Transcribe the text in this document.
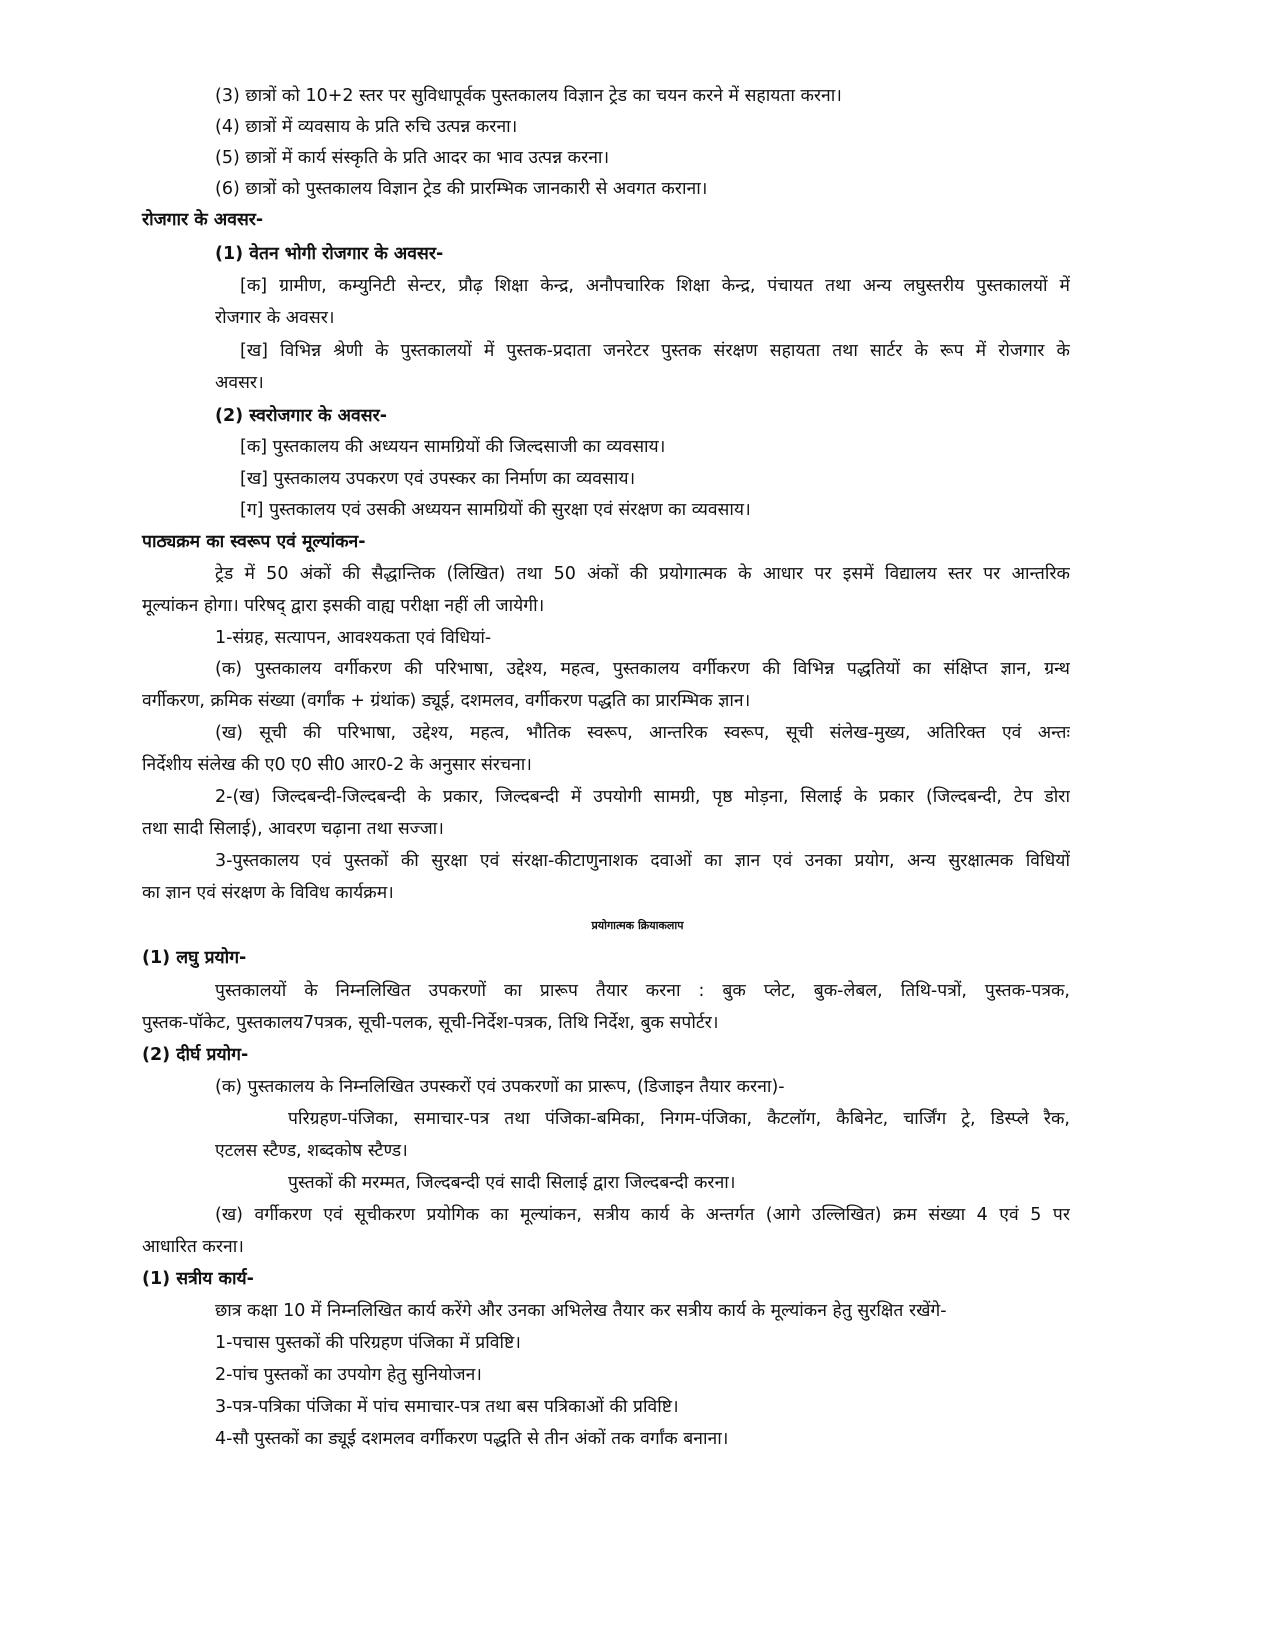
(3) छात्रों को 10+2 स्तर पर सुविधापूर्वक पुस्तकालय विज्ञान ट्रेड का चयन करने में सहायता करना।
(4) छात्रों में व्यवसाय के प्रति रुचि उत्पन्न करना।
(5) छात्रों में कार्य संस्कृति के प्रति आदर का भाव उत्पन्न करना।
(6) छात्रों को पुस्तकालय विज्ञान ट्रेड की प्रारम्भिक जानकारी से अवगत कराना।
रोजगार के अवसर-
(1) वेतन भोगी रोजगार के अवसर-
[क] ग्रामीण, कम्युनिटी सेन्टर, प्रौढ़ शिक्षा केन्द्र, अनौपचारिक शिक्षा केन्द्र, पंचायत तथा अन्य लघुस्तरीय पुस्तकालयों में
रोजगार के अवसर।
[ख] विभिन्न श्रेणी के पुस्तकालयों में पुस्तक-प्रदाता जनरेटर पुस्तक संरक्षण सहायता तथा सार्टर के रूप में रोजगार के
अवसर।
(2) स्वरोजगार के अवसर-
[क] पुस्तकालय की अध्ययन सामग्रियों की जिल्दसाजी का व्यवसाय।
[ख] पुस्तकालय उपकरण एवं उपस्कर का निर्माण का व्यवसाय।
[ग] पुस्तकालय एवं उसकी अध्ययन सामग्रियों की सुरक्षा एवं संरक्षण का व्यवसाय।
पाठ्यक्रम का स्वरूप एवं मूल्यांकन-
ट्रेड में 50 अंकों की सैद्धान्तिक (लिखित) तथा 50 अंकों की प्रयोगात्मक के आधार पर इसमें विद्यालय स्तर पर आन्तरिक
मूल्यांकन होगा। परिषद् द्वारा इसकी वाह्य परीक्षा नहीं ली जायेगी।
1-संग्रह, सत्यापन, आवश्यकता एवं विधियां-
(क) पुस्तकालय वर्गीकरण की परिभाषा, उद्देश्य, महत्व, पुस्तकालय वर्गीकरण की विभिन्न पद्धतियों का संक्षिप्त ज्ञान, ग्रन्थ
वर्गीकरण, क्रमिक संख्या (वर्गांक + ग्रंथांक) ड्यूई, दशमलव, वर्गीकरण पद्धति का प्रारम्भिक ज्ञान।
(ख) सूची की परिभाषा, उद्देश्य, महत्व, भौतिक स्वरूप, आन्तरिक स्वरूप, सूची संलेख-मुख्य, अतिरिक्त एवं अन्तः
निर्देशीय संलेख की ए0 ए0 सी0 आर0-2 के अनुसार संरचना।
2-(ख) जिल्दबन्दी-जिल्दबन्दी के प्रकार, जिल्दबन्दी में उपयोगी सामग्री, पृष्ठ मोड़ना, सिलाई के प्रकार (जिल्दबन्दी, टेप डोरा
तथा सादी सिलाई), आवरण चढ़ाना तथा सज्जा।
3-पुस्तकालय एवं पुस्तकों की सुरक्षा एवं संरक्षा-कीटाणुनाशक दवाओं का ज्ञान एवं उनका प्रयोग, अन्य सुरक्षात्मक विधियों
का ज्ञान एवं संरक्षण के विविध कार्यक्रम।
प्रयोगात्मक क्रियाकलाप
(1) लघु प्रयोग-
पुस्तकालयों के निम्नलिखित उपकरणों का प्रारूप तैयार करना : बुक प्लेट, बुक-लेबल, तिथि-पत्रों, पुस्तक-पत्रक,
पुस्तक-पॉकेट, पुस्तकालय7पत्रक, सूची-पलक, सूची-निर्देश-पत्रक, तिथि निर्देश, बुक सपोर्टर।
(2) दीर्घ प्रयोग-
(क) पुस्तकालय के निम्नलिखित उपस्करों एवं उपकरणों का प्रारूप, (डिजाइन तैयार करना)-
परिग्रहण-पंजिका, समाचार-पत्र तथा पंजिका-बमिका, निगम-पंजिका, कैटलॉग, कैबिनेट, चार्जिंग ट्रे, डिस्प्ले रैक,
एटलस स्टैण्ड, शब्दकोष स्टैण्ड।
पुस्तकों की मरम्मत, जिल्दबन्दी एवं सादी सिलाई द्वारा जिल्दबन्दी करना।
(ख) वर्गीकरण एवं सूचीकरण प्रयोगिक का मूल्यांकन, सत्रीय कार्य के अन्तर्गत (आगे उल्लिखित) क्रम संख्या 4 एवं 5 पर
आधारित करना।
(1) सत्रीय कार्य-
छात्र कक्षा 10 में निम्नलिखित कार्य करेंगे और उनका अभिलेख तैयार कर सत्रीय कार्य के मूल्यांकन हेतु सुरक्षित रखेंगे-
1-पचास पुस्तकों की परिग्रहण पंजिका में प्रविष्टि।
2-पांच पुस्तकों का उपयोग हेतु सुनियोजन।
3-पत्र-पत्रिका पंजिका में पांच समाचार-पत्र तथा बस पत्रिकाओं की प्रविष्टि।
4-सौ पुस्तकों का ड्यूई दशमलव वर्गीकरण पद्धति से तीन अंकों तक वर्गांक बनाना।
